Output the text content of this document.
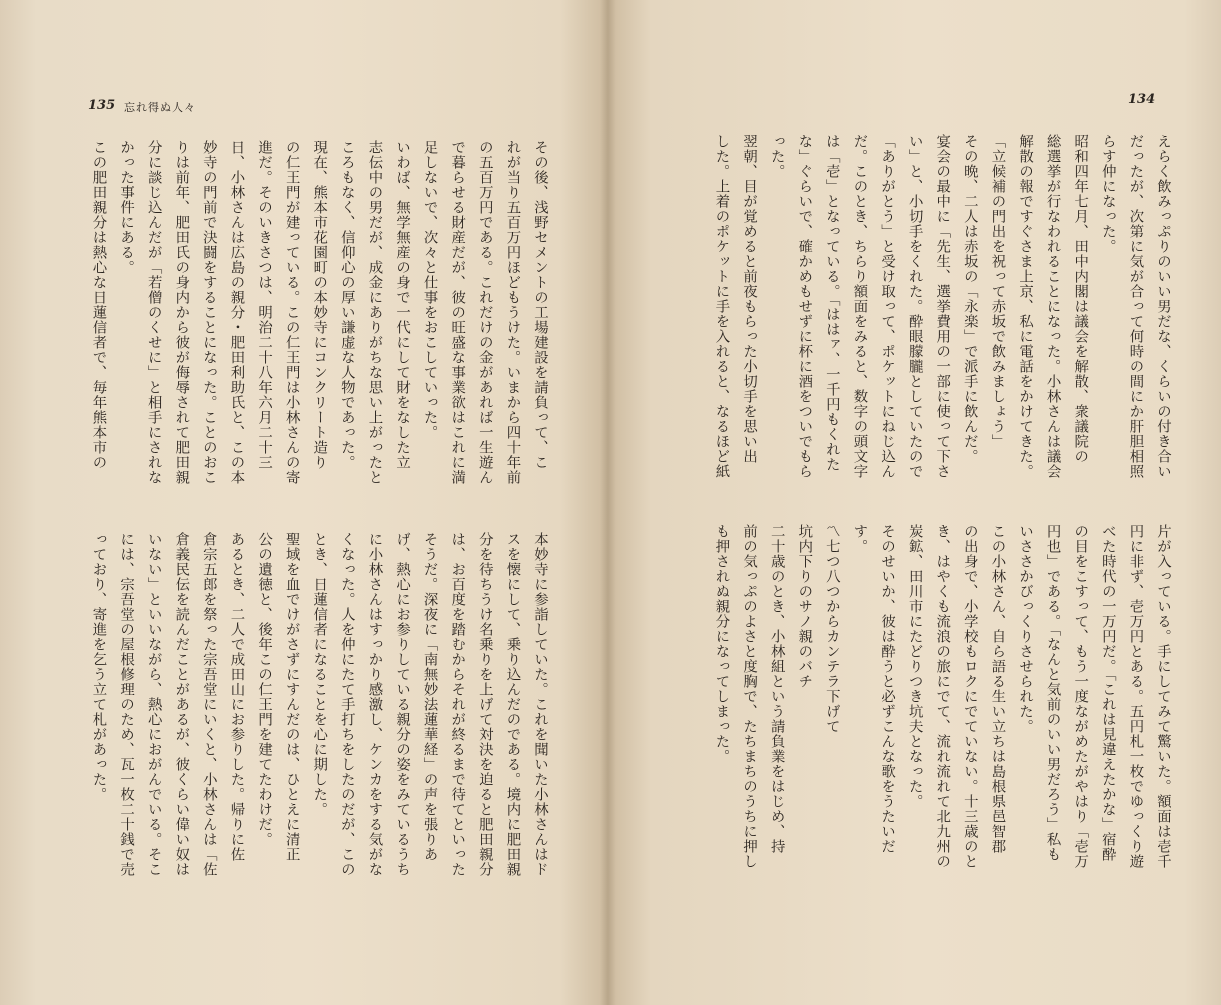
135 忘れ得ぬ人々
その後、浅野セメントの工場建設を請負って、こ
れが当り五百万円ほどもうけた。いまから四十年前
の五百万円である。これだけの金があれば一生遊ん
で暮らせる財産だが、彼の旺盛な事業欲はこれに満
足しないで、次々と仕事をおこしていった。
いわば、無学無産の身で一代にして財をなした立
志伝中の男だが、成金にありがちな思い上がったと
ころもなく、信仰心の厚い謙虚な人物であった。
現在、熊本市花園町の本妙寺にコンクリート造り
の仁王門が建っている。この仁王門は小林さんの寄
進だ。そのいきさつは、明治二十八年六月二十三
日、小林さんは広島の親分・肥田利助氏と、この本
妙寺の門前で決闘をすることになった。ことのおこ
りは前年、肥田氏の身内から彼が侮辱されて肥田親
分に談じ込んだが「若僧のくせに」と相手にされな
かった事件にある。
この肥田親分は熱心な日蓮信者で、毎年熊本市の
本妙寺に参詣していた。これを聞いた小林さんはド
スを懐にして、乗り込んだのである。境内に肥田親
分を待ちうけ名乗りを上げて対決を迫ると肥田親分
は、お百度を踏むからそれが終るまで待てといった
そうだ。深夜に「南無妙法蓮華経」の声を張りあ
げ、熱心にお参りしている親分の姿をみているうち
に小林さんはすっかり感激し、ケンカをする気がな
くなった。人を仲にたて手打ちをしたのだが、この
とき、日蓮信者になることを心に期した。
聖域を血でけがさずにすんだのは、ひとえに清正
公の遺徳と、後年この仁王門を建てたわけだ。
あるとき、二人で成田山にお参りした。帰りに佐
倉宗五郎を祭った宗吾堂にいくと、小林さんは「佐
倉義民伝を読んだことがあるが、彼くらい偉い奴は
いない」といいながら、熱心におがんでいる。そこ
には、宗吾堂の屋根修理のため、瓦一枚二十銭で売
っており、寄進を乞う立て札があった。
134
えらく飲みっぷりのいい男だな、くらいの付き合い
だったが、次第に気が合って何時の間にか肝胆相照
らす仲になった。
昭和四年七月、田中内閣は議会を解散、衆議院の
総選挙が行なわれることになった。小林さんは議会
解散の報ですぐさま上京、私に電話をかけてきた。
「立候補の門出を祝って赤坂で飲みましょう」
その晩、二人は赤坂の「永楽」で派手に飲んだ。
宴会の最中に「先生、選挙費用の一部に使って下さ
い」と、小切手をくれた。酔眼朦朧としていたので
「ありがとう」と受け取って、ポケットにねじ込ん
だ。このとき、ちらり額面をみると、数字の頭文字
は「壱」となっている。「ははァ、一千円もくれた
な」ぐらいで、確かめもせずに杯に酒をついでもら
った。
翌朝、目が覚めると前夜もらった小切手を思い出
した。上着のポケットに手を入れると、なるほど紙
片が入っている。手にしてみて驚いた。額面は壱千
円に非ず、壱万円とある。五円札一枚でゆっくり遊
べた時代の一万円だ。「これは見違えたかな」宿酔
の目をこすって、もう一度ながめたがやはり「壱万
円也」である。「なんと気前のいい男だろう」私も
いささかびっくりさせられた。
この小林さん、自ら語る生い立ちは島根県邑智郡
の出身で、小学校もロクにでていない。十三歳のと
き、はやくも流浪の旅にでて、流れ流れて北九州の
炭鉱、田川市にたどりつき坑夫となった。
そのせいか、彼は酔うと必ずこんな歌をうたいだ
す。
〽七つ八つからカンテラ下げて
坑内下りのサノ親のバチ
二十歳のとき、小林組という請負業をはじめ、持
前の気っぷのよさと度胸で、たちまちのうちに押し
も押されぬ親分になってしまった。
